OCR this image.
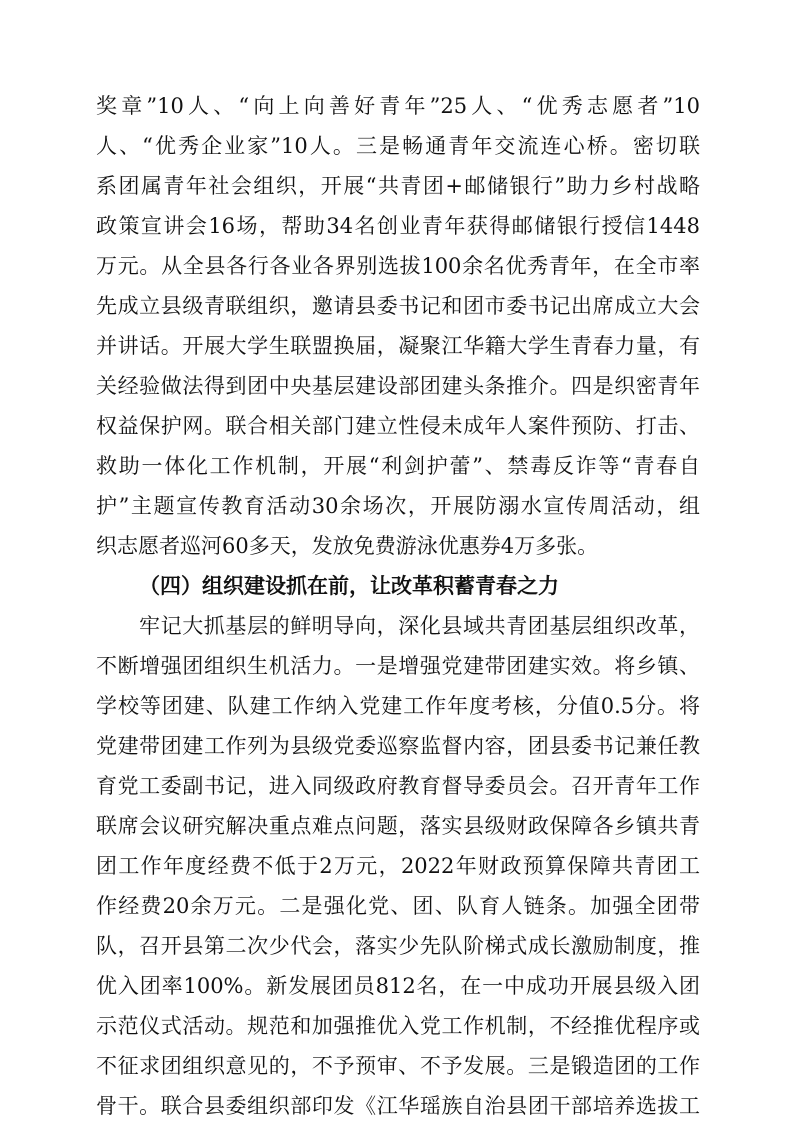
奖章”10人、“向上向善好青年”25人、“优秀志愿者”10
人、“优秀企业家”10人。三是畅通青年交流连心桥。密切联
系团属青年社会组织，开展“共青团+邮储银行”助力乡村战略
政策宣讲会16场，帮助34名创业青年获得邮储银行授信1448
万元。从全县各行各业各界别选拔100余名优秀青年，在全市率
先成立县级青联组织，邀请县委书记和团市委书记出席成立大会
并讲话。开展大学生联盟换届，凝聚江华籍大学生青春力量，有
关经验做法得到团中央基层建设部团建头条推介。四是织密青年
权益保护网。联合相关部门建立性侵未成年人案件预防、打击、
救助一体化工作机制，开展“利剑护蕾”、禁毒反诈等“青春自
护”主题宣传教育活动30余场次，开展防溺水宣传周活动，组
织志愿者巡河60多天，发放免费游泳优惠券4万多张。
（四）组织建设抓在前，让改革积蓄青春之力
牢记大抓基层的鲜明导向，深化县域共青团基层组织改革，
不断增强团组织生机活力。一是增强党建带团建实效。将乡镇、
学校等团建、队建工作纳入党建工作年度考核，分值0.5分。将
党建带团建工作列为县级党委巡察监督内容，团县委书记兼任教
育党工委副书记，进入同级政府教育督导委员会。召开青年工作
联席会议研究解决重点难点问题，落实县级财政保障各乡镇共青
团工作年度经费不低于2万元，2022年财政预算保障共青团工
作经费20余万元。二是强化党、团、队育人链条。加强全团带
队，召开县第二次少代会，落实少先队阶梯式成长激励制度，推
优入团率100%。新发展团员812名，在一中成功开展县级入团
示范仪式活动。规范和加强推优入党工作机制，不经推优程序或
不征求团组织意见的，不予预审、不予发展。三是锻造团的工作
骨干。联合县委组织部印发《江华瑶族自治县团干部培养选拔工
